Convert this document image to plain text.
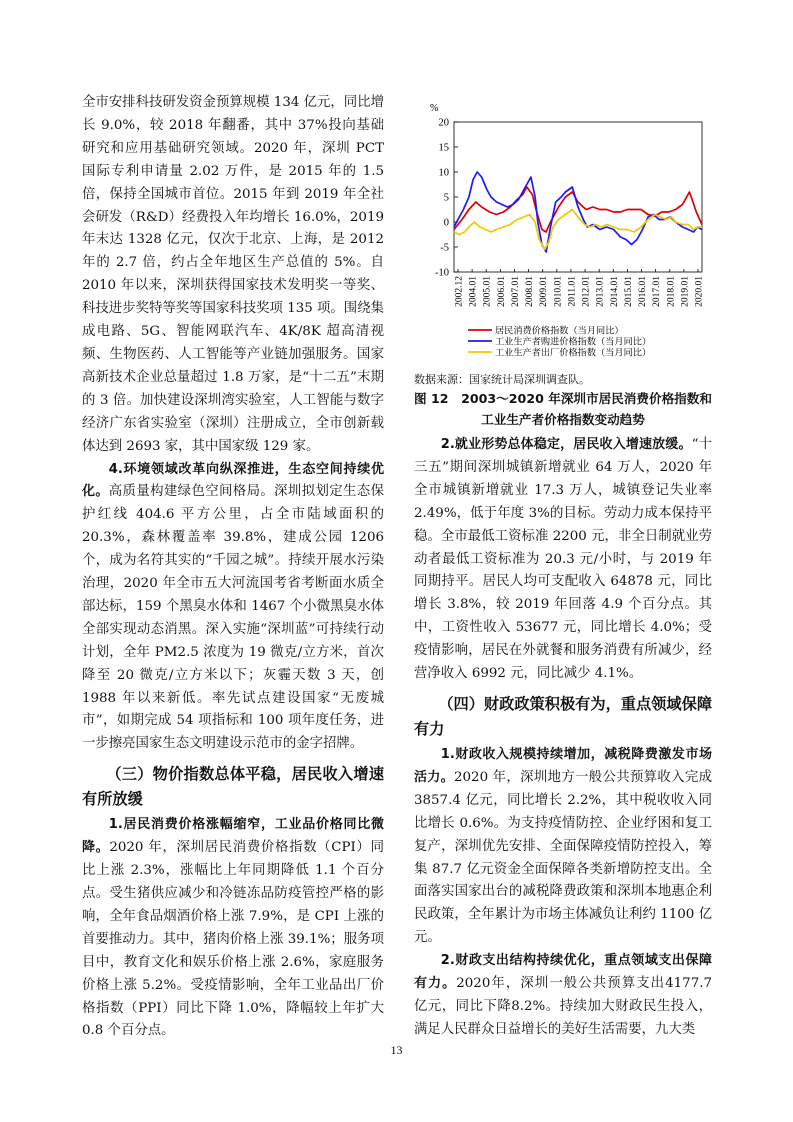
全市安排科技研发资金预算规模 134 亿元，同比增长 9.0%，较 2018 年翻番，其中 37%投向基础研究和应用基础研究领域。2020 年，深圳 PCT 国际专利申请量 2.02 万件，是 2015 年的 1.5 倍，保持全国城市首位。2015 年到 2019 年全社会研发（R&D）经费投入年均增长 16.0%，2019 年末达 1328 亿元，仅次于北京、上海，是 2012 年的 2.7 倍，约占全年地区生产总值的 5%。自 2010 年以来，深圳获得国家技术发明奖一等奖、科技进步奖特等奖等国家科技奖项 135 项。围绕集成电路、5G、智能网联汽车、4K/8K 超高清视频、生物医药、人工智能等产业链加强服务。国家高新技术企业总量超过 1.8 万家，是“十二五”末期的 3 倍。加快建设深圳湾实验室，人工智能与数字经济广东省实验室（深圳）注册成立，全市创新载体达到 2693 家，其中国家级 129 家。

4.环境领域改革向纵深推进，生态空间持续优化。高质量构建绿色空间格局。深圳拟划定生态保护红线 404.6 平方公里，占全市陆域面积的 20.3%，森林覆盖率 39.8%，建成公园 1206 个，成为名符其实的“千园之城”。持续开展水污染治理，2020 年全市五大河流国考省考断面水质全部达标，159 个黑臭水体和 1467 个小微黑臭水体全部实现动态消黑。深入实施“深圳蓝”可持续行动计划，全年 PM2.5 浓度为 19 微克/立方米，首次降至 20 微克/立方米以下；灰霾天数 3 天，创 1988 年以来新低。率先试点建设国家“无废城市”，如期完成 54 项指标和 100 项年度任务，进一步擦亮国家生态文明建设示范市的金字招牌。

（三）物价指数总体平稳，居民收入增速有所放缓

1.居民消费价格涨幅缩窄，工业品价格同比微降。2020 年，深圳居民消费价格指数（CPI）同比上涨 2.3%，涨幅比上年同期降低 1.1 个百分点。受生猪供应减少和冷链冻品防疫管控严格的影响，全年食品烟酒价格上涨 7.9%，是 CPI 上涨的首要推动力。其中，猪肉价格上涨 39.1%；服务项目中，教育文化和娱乐价格上涨 2.6%，家庭服务价格上涨 5.2%。受疫情影响，全年工业品出厂价格指数（PPI）同比下降 1.0%，降幅较上年扩大 0.8 个百分点。

%
20
15
10
5
0
-5
-10
2002.12 2004.01 2005.01 2006.01 2007.01 2008.01 2009.01 2010.01 2011.01 2012.01 2013.01 2014.01 2015.01 2016.01 2017.01 2018.01 2019.01 2020.01
居民消费价格指数（当月同比）
工业生产者购进价格指数（当月同比）
工业生产者出厂价格指数（当月同比）

数据来源：国家统计局深圳调查队。

图 12　2003～2020 年深圳市居民消费价格指数和工业生产者价格指数变动趋势

2.就业形势总体稳定，居民收入增速放缓。“十三五”期间深圳城镇新增就业 64 万人，2020 年全市城镇新增就业 17.3 万人，城镇登记失业率 2.49%，低于年度 3%的目标。劳动力成本保持平稳。全市最低工资标准 2200 元，非全日制就业劳动者最低工资标准为 20.3 元/小时，与 2019 年同期持平。居民人均可支配收入 64878 元，同比增长 3.8%，较 2019 年回落 4.9 个百分点。其中，工资性收入 53677 元，同比增长 4.0%；受疫情影响，居民在外就餐和服务消费有所减少，经营净收入 6992 元，同比减少 4.1%。

（四）财政政策积极有为，重点领域保障有力

1.财政收入规模持续增加，减税降费激发市场活力。2020 年，深圳地方一般公共预算收入完成 3857.4 亿元，同比增长 2.2%，其中税收收入同比增长 0.6%。为支持疫情防控、企业纾困和复工复产，深圳优先安排、全面保障疫情防控投入，筹集 87.7 亿元资金全面保障各类新增防控支出。全面落实国家出台的减税降费政策和深圳本地惠企利民政策，全年累计为市场主体减负让利约 1100 亿元。

2.财政支出结构持续优化，重点领域支出保障有力。2020年，深圳一般公共预算支出4177.7 亿元，同比下降8.2%。持续加大财政民生投入，满足人民群众日益增长的美好生活需要，九大类

13
